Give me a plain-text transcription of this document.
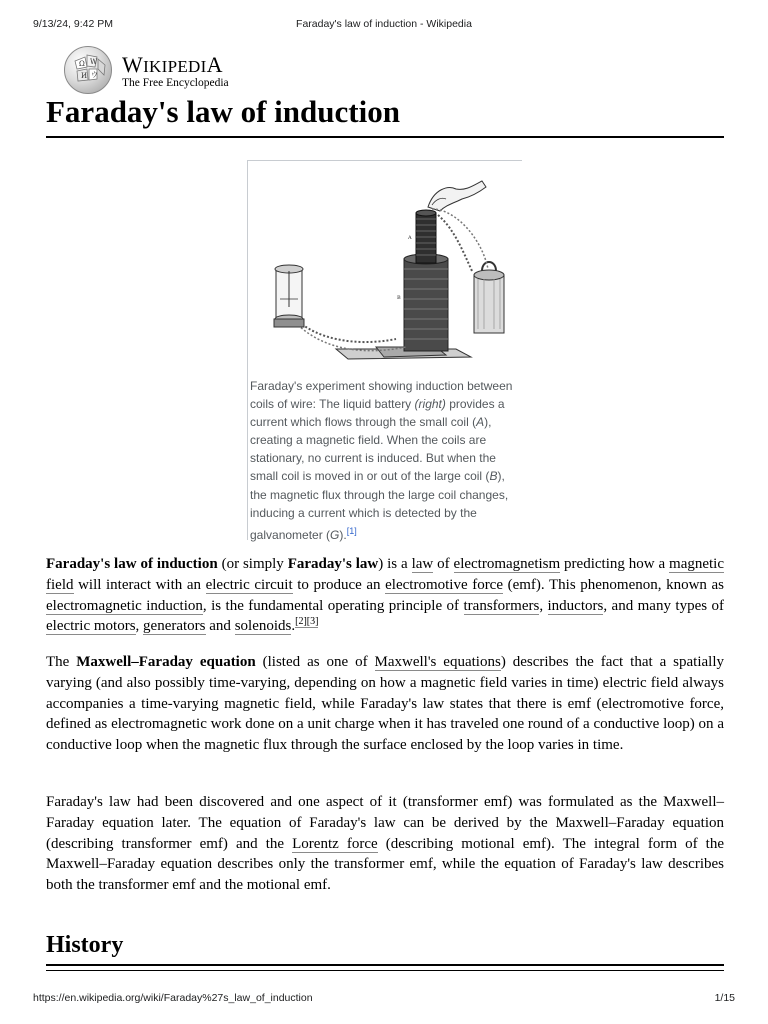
9/13/24, 9:42 PM	Faraday's law of induction - Wikipedia
Ω W
И ウ WIKIPEDIA
The Free Encyclopedia
Faraday's law of induction
A
B
Faraday's experiment showing induction between coils of wire: The liquid battery (right) provides a current which flows through the small coil (A), creating a magnetic field. When the coils are stationary, no current is induced. But when the small coil is moved in or out of the large coil (B), the magnetic flux through the large coil changes, inducing a current which is detected by the galvanometer (G).[1]
Faraday's law of induction (or simply Faraday's law) is a law of electromagnetism predicting how a magnetic field will interact with an electric circuit to produce an electromotive force (emf). This phenomenon, known as electromagnetic induction, is the fundamental operating principle of transformers, inductors, and many types of electric motors, generators and solenoids.[2][3]
The Maxwell–Faraday equation (listed as one of Maxwell's equations) describes the fact that a spatially varying (and also possibly time-varying, depending on how a magnetic field varies in time) electric field always accompanies a time-varying magnetic field, while Faraday's law states that there is emf (electromotive force, defined as electromagnetic work done on a unit charge when it has traveled one round of a conductive loop) on a conductive loop when the magnetic flux through the surface enclosed by the loop varies in time.
Faraday's law had been discovered and one aspect of it (transformer emf) was formulated as the Maxwell–Faraday equation later. The equation of Faraday's law can be derived by the Maxwell–Faraday equation (describing transformer emf) and the Lorentz force (describing motional emf). The integral form of the Maxwell–Faraday equation describes only the transformer emf, while the equation of Faraday's law describes both the transformer emf and the motional emf.
History
https://en.wikipedia.org/wiki/Faraday%27s_law_of_induction	1/15
